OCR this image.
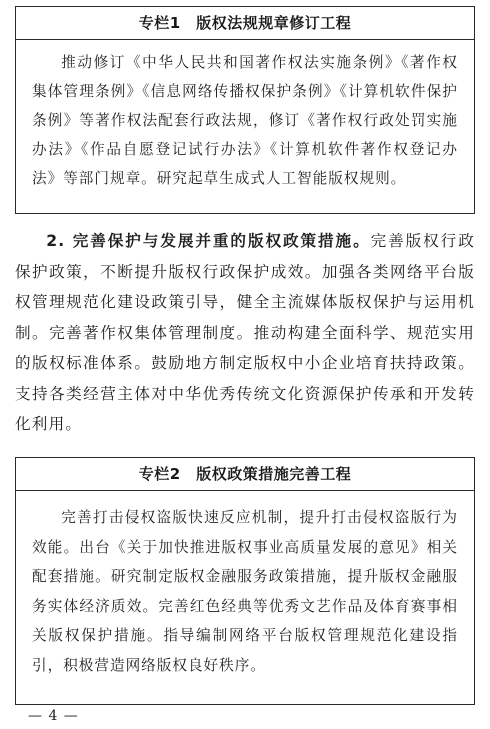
专栏1　版权法规规章修订工程
推动修订《中华人民共和国著作权法实施条例》《著作权集体管理条例》《信息网络传播权保护条例》《计算机软件保护条例》等著作权法配套行政法规，修订《著作权行政处罚实施办法》《作品自愿登记试行办法》《计算机软件著作权登记办法》等部门规章。研究起草生成式人工智能版权规则。
2. 完善保护与发展并重的版权政策措施。完善版权行政保护政策，不断提升版权行政保护成效。加强各类网络平台版权管理规范化建设政策引导，健全主流媒体版权保护与运用机制。完善著作权集体管理制度。推动构建全面科学、规范实用的版权标准体系。鼓励地方制定版权中小企业培育扶持政策。支持各类经营主体对中华优秀传统文化资源保护传承和开发转化利用。
专栏2　版权政策措施完善工程
完善打击侵权盗版快速反应机制，提升打击侵权盗版行为效能。出台《关于加快推进版权事业高质量发展的意见》相关配套措施。研究制定版权金融服务政策措施，提升版权金融服务实体经济质效。完善红色经典等优秀文艺作品及体育赛事相关版权保护措施。指导编制网络平台版权管理规范化建设指引，积极营造网络版权良好秩序。
— 4 —
